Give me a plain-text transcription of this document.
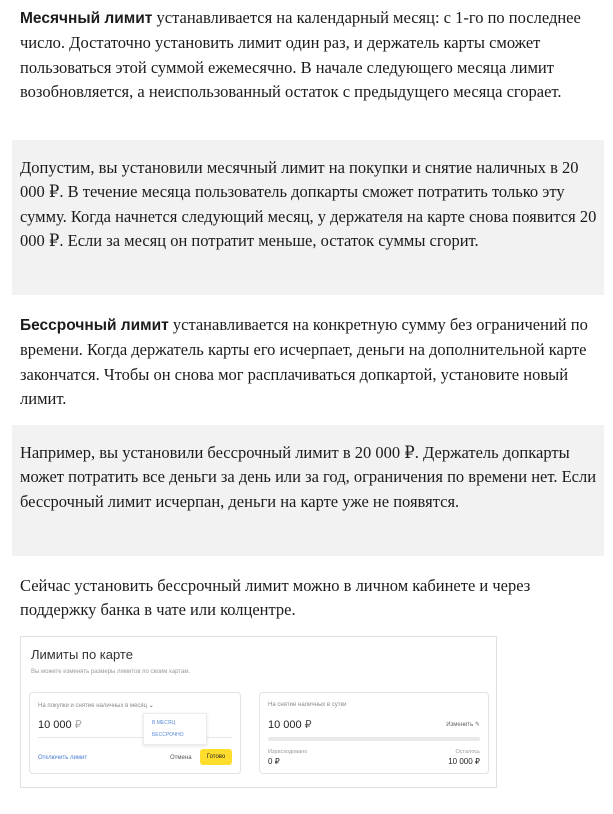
Месячный лимит устанавливается на календарный месяц: с 1-го по последнее число. Достаточно установить лимит один раз, и держатель карты сможет пользоваться этой суммой ежемесячно. В начале следующего месяца лимит возобновляется, а неиспользованный остаток с предыдущего месяца сгорает.

Допустим, вы установили месячный лимит на покупки и снятие наличных в 20 000 ₽. В течение месяца пользователь допкарты сможет потратить только эту сумму. Когда начнется следующий месяц, у держателя на карте снова появится 20 000 ₽. Если за месяц он потратит меньше, остаток суммы сгорит.

Бессрочный лимит устанавливается на конкретную сумму без ограничений по времени. Когда держатель карты его исчерпает, деньги на дополнительной карте закончатся. Чтобы он снова мог расплачиваться допкартой, установите новый лимит.

Например, вы установили бессрочный лимит в 20 000 ₽. Держатель допкарты может потратить все деньги за день или за год, ограничения по времени нет. Если бессрочный лимит исчерпан, деньги на карте уже не появятся.

Сейчас установить бессрочный лимит можно в личном кабинете и через поддержку банка в чате или колцентре.

Лимиты по карте
Вы можете изменять размеры лимитов по своим картам.
На покупки и снятие наличных в месяц ⌄
10 000 ₽	В МЕСЯЦ
БЕССРОЧНО
Отключить лимит	Отмена	Готово
На снятие наличных в сутки
10 000 ₽	Изменить ✎
Израсходовано
0 ₽
Осталось
10 000 ₽
